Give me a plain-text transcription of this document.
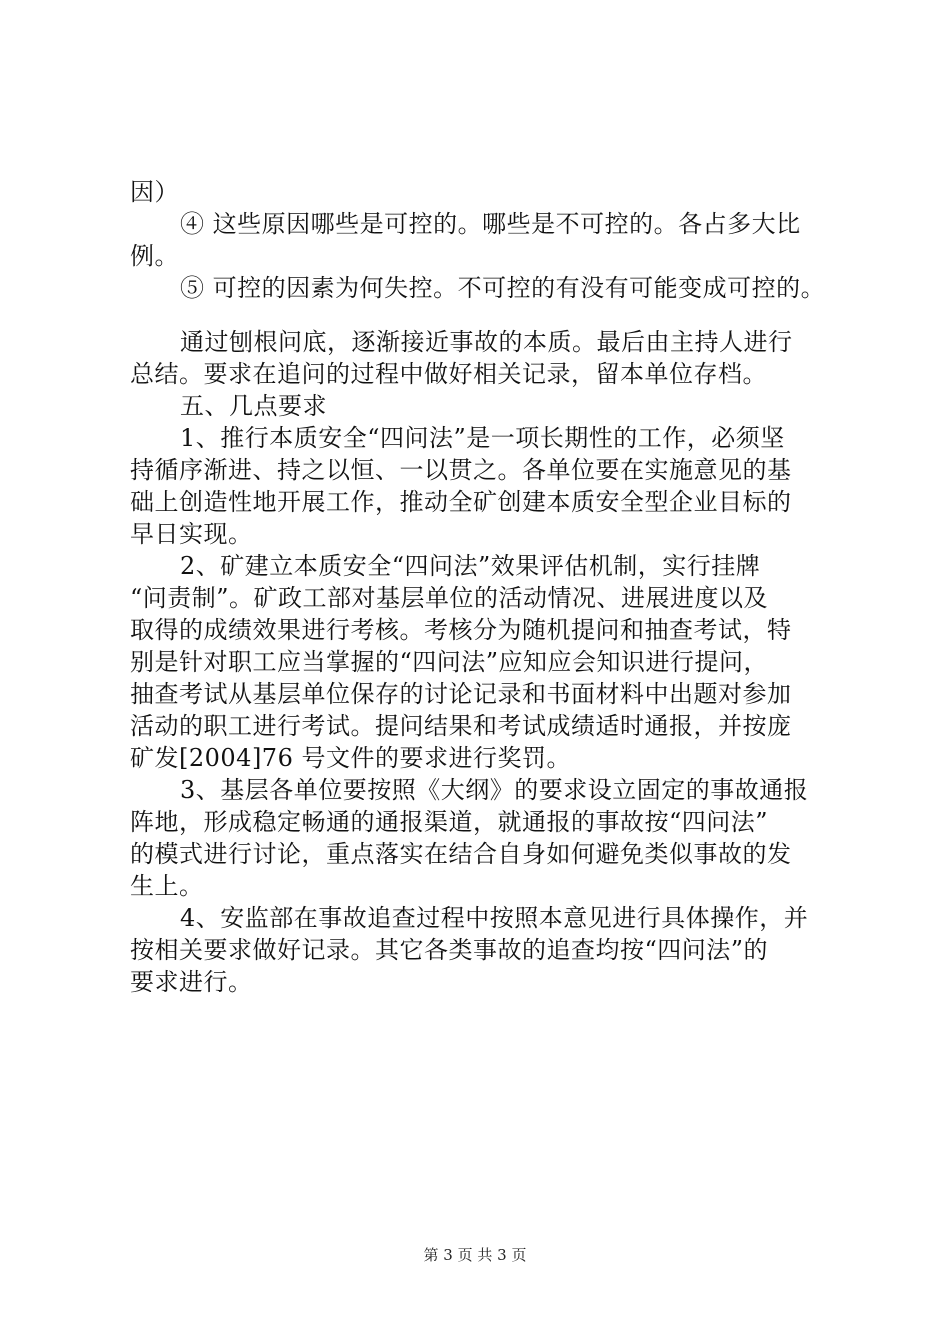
因）
④ 这些原因哪些是可控的。哪些是不可控的。各占多大比
例。
⑤ 可控的因素为何失控。不可控的有没有可能变成可控的。
通过刨根问底，逐渐接近事故的本质。最后由主持人进行
总结。要求在追问的过程中做好相关记录，留本单位存档。
五、几点要求
1、推行本质安全“四问法”是一项长期性的工作，必须坚
持循序渐进、持之以恒、一以贯之。各单位要在实施意见的基
础上创造性地开展工作，推动全矿创建本质安全型企业目标的
早日实现。
2、矿建立本质安全“四问法”效果评估机制，实行挂牌
“问责制”。矿政工部对基层单位的活动情况、进展进度以及
取得的成绩效果进行考核。考核分为随机提问和抽查考试，特
别是针对职工应当掌握的“四问法”应知应会知识进行提问，
抽查考试从基层单位保存的讨论记录和书面材料中出题对参加
活动的职工进行考试。提问结果和考试成绩适时通报，并按庞
矿发[2004]76 号文件的要求进行奖罚。
3、基层各单位要按照《大纲》的要求设立固定的事故通报
阵地，形成稳定畅通的通报渠道，就通报的事故按“四问法”
的模式进行讨论，重点落实在结合自身如何避免类似事故的发
生上。
4、安监部在事故追查过程中按照本意见进行具体操作，并
按相关要求做好记录。其它各类事故的追查均按“四问法”的
要求进行。
第 3 页 共 3 页
